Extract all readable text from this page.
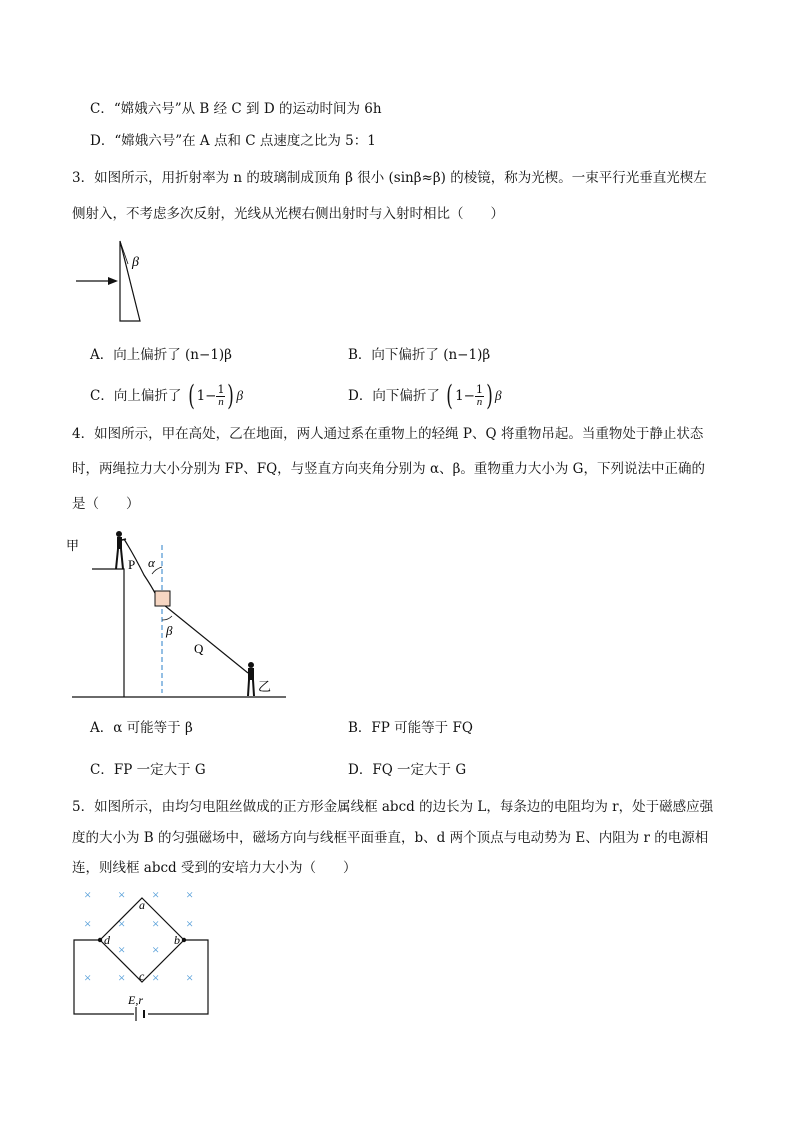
C．“嫦娥六号”从 B 经 C 到 D 的运动时间为 6h
D．“嫦娥六号”在 A 点和 C 点速度之比为 5：1
3．如图所示，用折射率为 n 的玻璃制成顶角 β 很小 (sinβ≈β) 的棱镜，称为光楔。一束平行光垂直光楔左
侧射入，不考虑多次反射，光线从光楔右侧出射时与入射时相比（　　）
β
A．向上偏折了 (n−1)β	B．向下偏折了 (n−1)β
C．向上偏折了 ( $1- \frac{1}{n}$ ) β	D．向下偏折了 ( $1- \frac{1}{n}$ ) β
4．如图所示，甲在高处，乙在地面，两人通过系在重物上的轻绳 P、Q 将重物吊起。当重物处于静止状态
时，两绳拉力大小分别为 FP、FQ，与竖直方向夹角分别为 α、β。重物重力大小为 G，下列说法中正确的
是（　　）
甲
P α
β
Q
乙
A．α 可能等于 β	B．FP 可能等于 FQ
C．FP 一定大于 G	D．FQ 一定大于 G
5．如图所示，由均匀电阻丝做成的正方形金属线框 abcd 的边长为 L，每条边的电阻均为 r，处于磁感应强
度的大小为 B 的匀强磁场中，磁场方向与线框平面垂直，b、d 两个顶点与电动势为 E、内阻为 r 的电源相
连，则线框 abcd 受到的安培力大小为（　　）
× × × ×
× × × ×
× ×
× × × ×
a
b
c
d
E,r
